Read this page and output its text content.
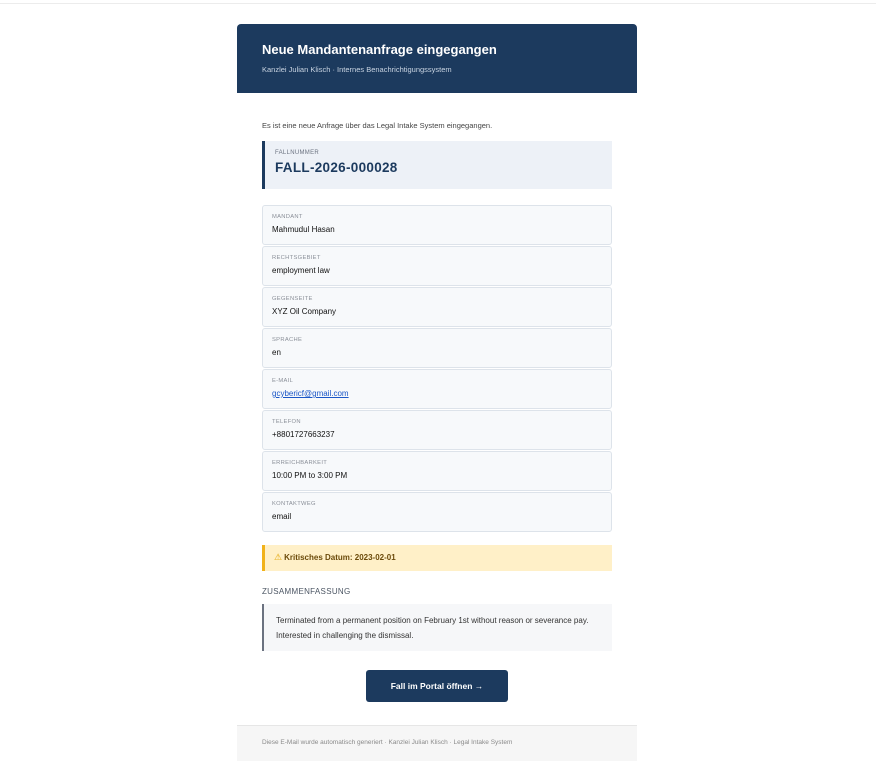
Neue Mandantenanfrage eingegangen
Kanzlei Julian Klisch · Internes Benachrichtigungssystem
Es ist eine neue Anfrage über das Legal Intake System eingegangen.
FALLNUMMER
FALL-2026-000028
MANDANT
Mahmudul Hasan
RECHTSGEBIET
employment law
GEGENSEITE
XYZ Oil Company
SPRACHE
en
E-MAIL
gcybericf@gmail.com
TELEFON
+8801727663237
ERREICHBARKEIT
10:00 PM to 3:00 PM
KONTAKTWEG
email
⚠ Kritisches Datum: 2023-02-01
ZUSAMMENFASSUNG
Terminated from a permanent position on February 1st without reason or severance pay. Interested in challenging the dismissal.
Fall im Portal öffnen →
Diese E-Mail wurde automatisch generiert · Kanzlei Julian Klisch · Legal Intake System
